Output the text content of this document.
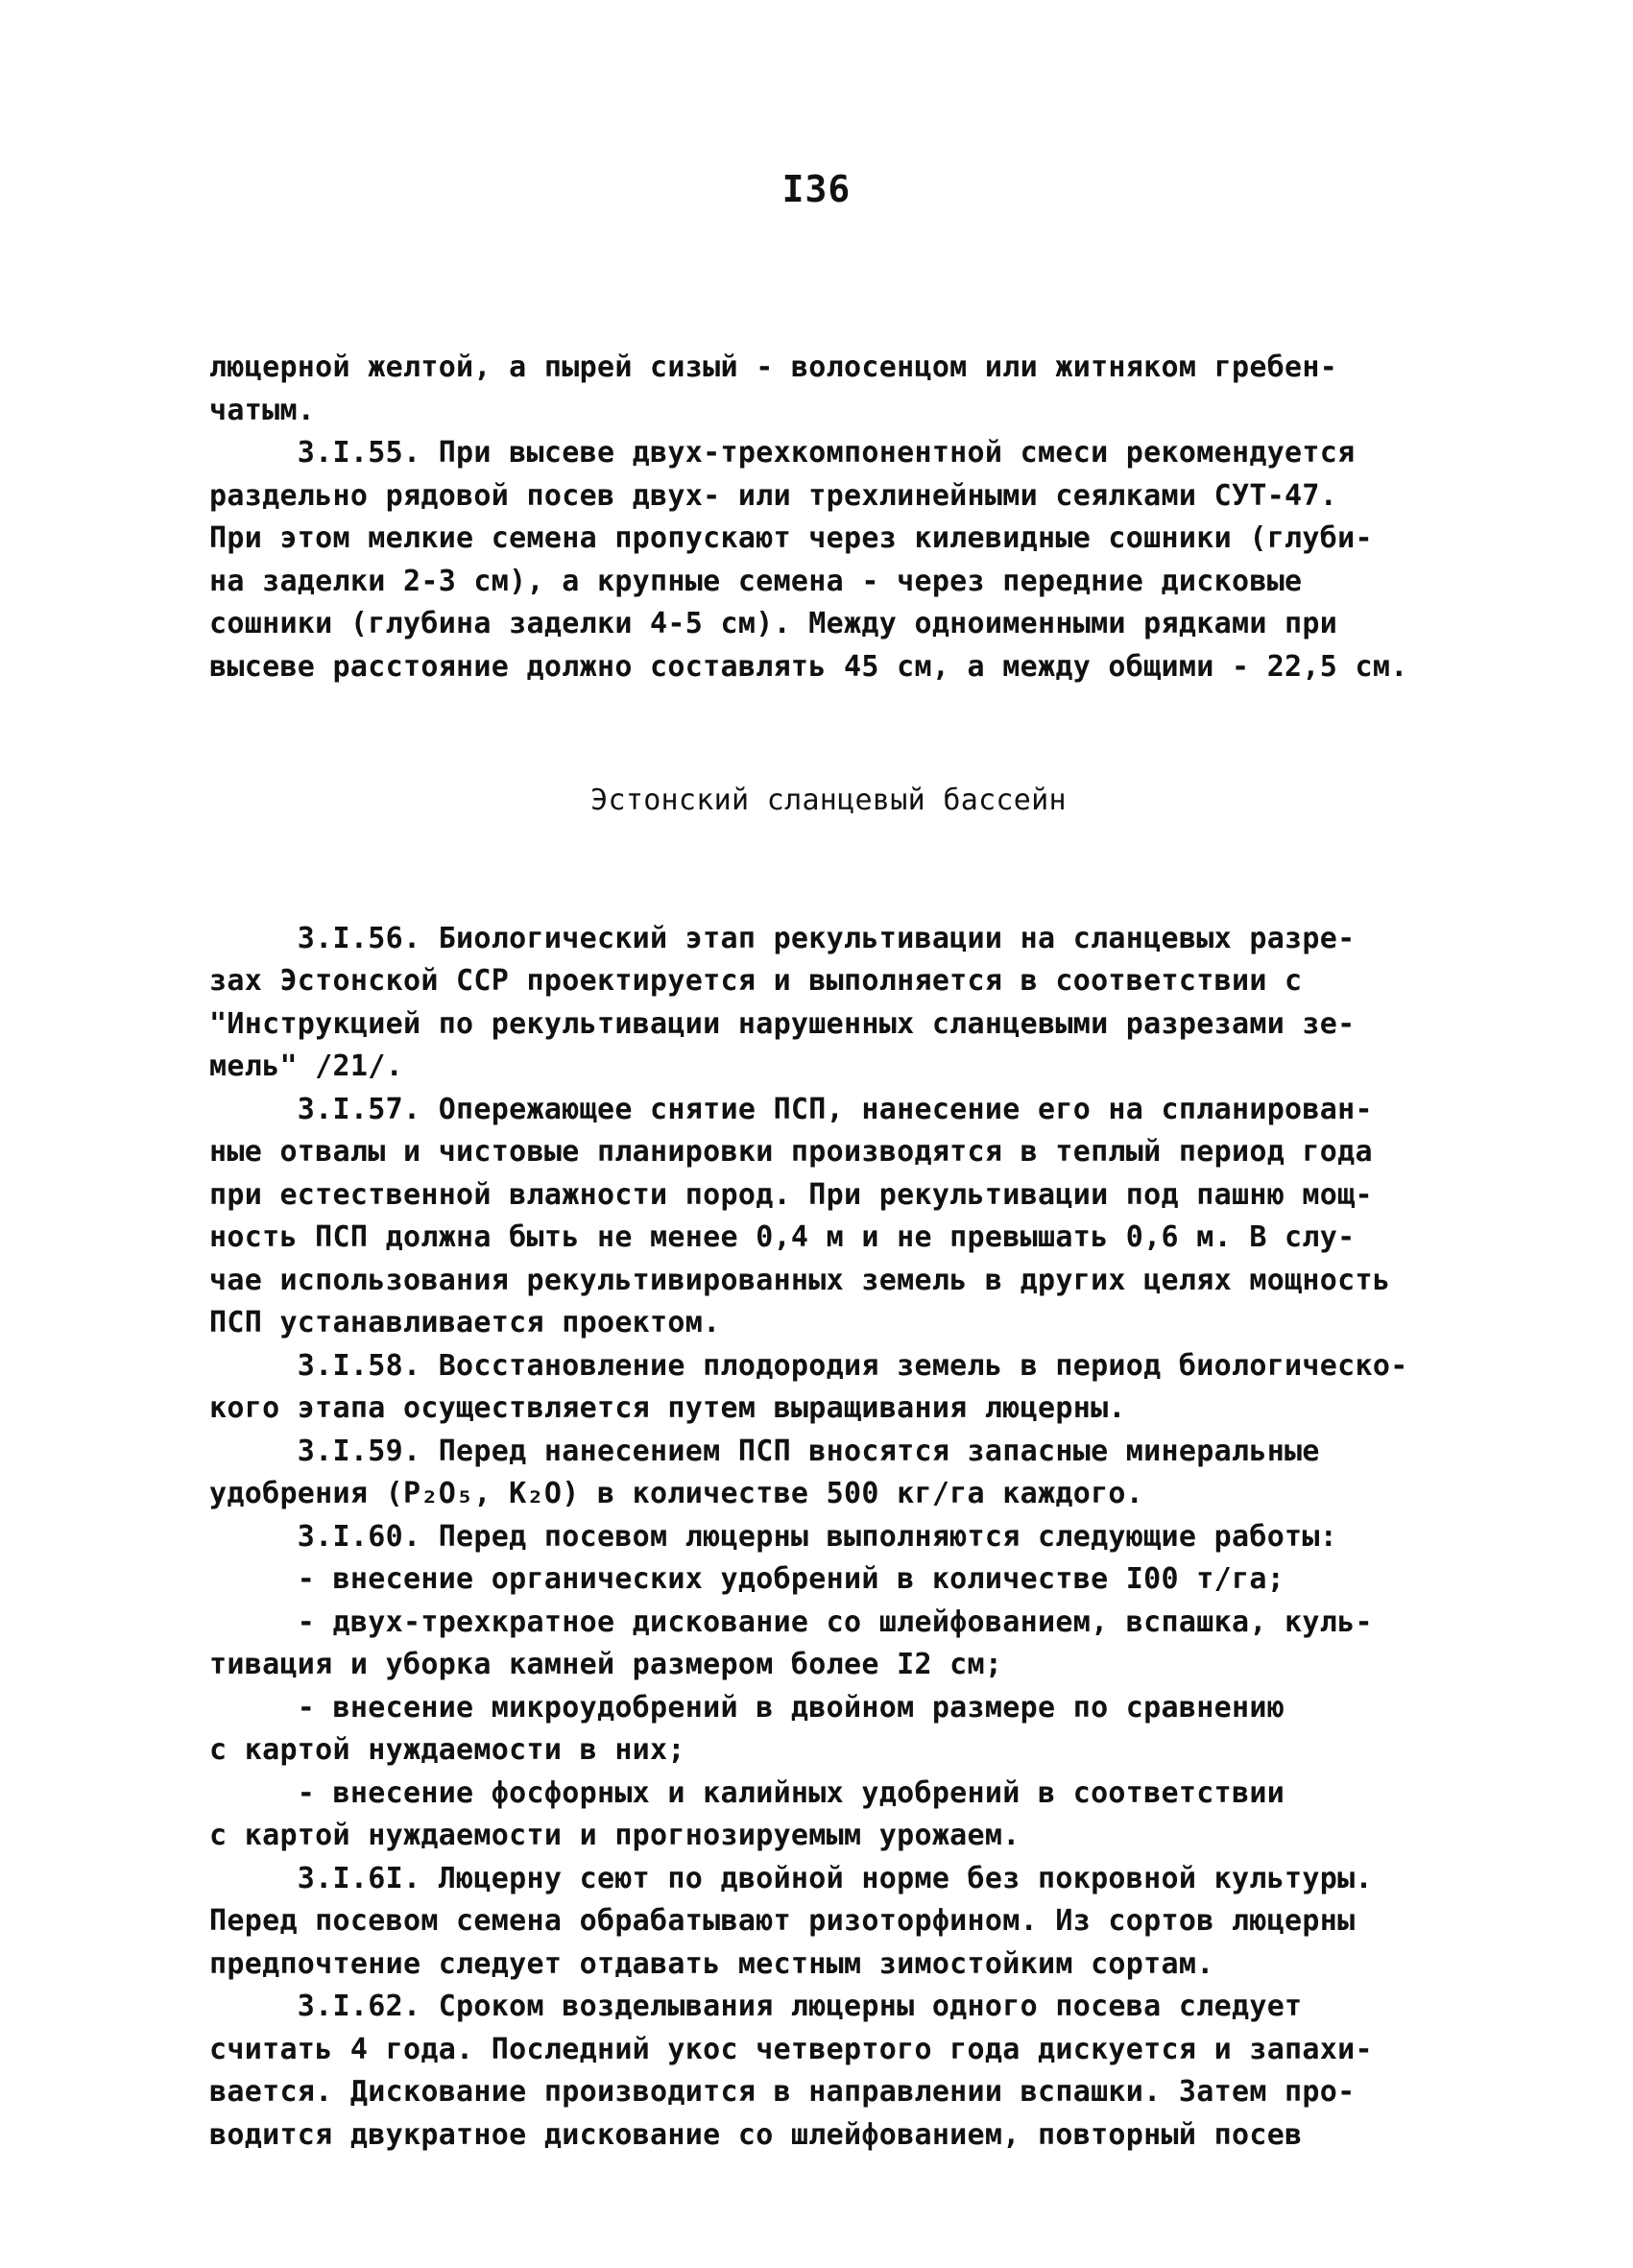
I36

люцерной желтой, а пырей сизый - волосенцом или житняком гребен-
чатым.
3.I.55. При высеве двух-трехкомпонентной смеси рекомендуется
раздельно рядовой посев двух- или трехлинейными сеялками СУТ-47.
При этом мелкие семена пропускают через килевидные сошники (глуби-
на заделки 2-3 см), а крупные семена - через передние дисковые
сошники (глубина заделки 4-5 см). Между одноименными рядками при
высеве расстояние должно составлять 45 см, а между общими - 22,5 см.

Эстонский сланцевый бассейн

3.I.56. Биологический этап рекультивации на сланцевых разре-
зах Эстонской ССР проектируется и выполняется в соответствии с
"Инструкцией по рекультивации нарушенных сланцевыми разрезами зе-
мель" /21/.
3.I.57. Опережающее снятие ПСП, нанесение его на спланирован-
ные отвалы и чистовые планировки производятся в теплый период года
при естественной влажности пород. При рекультивации под пашню мощ-
ность ПСП должна быть не менее 0,4 м и не превышать 0,6 м. В слу-
чае использования рекультивированных земель в других целях мощность
ПСП устанавливается проектом.
3.I.58. Восстановление плодородия земель в период биологическо-
кого этапа осуществляется путем выращивания люцерны.
3.I.59. Перед нанесением ПСП вносятся запасные минеральные
удобрения (P₂O₅, K₂O) в количестве 500 кг/га каждого.
3.I.60. Перед посевом люцерны выполняются следующие работы:
- внесение органических удобрений в количестве I00 т/га;
- двух-трехкратное дискование со шлейфованием, вспашка, куль-
тивация и уборка камней размером более I2 см;
- внесение микроудобрений в двойном размере по сравнению
с картой нуждаемости в них;
- внесение фосфорных и калийных удобрений в соответствии
с картой нуждаемости и прогнозируемым урожаем.
3.I.6I. Люцерну сеют по двойной норме без покровной культуры.
Перед посевом семена обрабатывают ризоторфином. Из сортов люцерны
предпочтение следует отдавать местным зимостойким сортам.
3.I.62. Сроком возделывания люцерны одного посева следует
считать 4 года. Последний укос четвертого года дискуется и запахи-
вается. Дискование производится в направлении вспашки. Затем про-
водится двукратное дискование со шлейфованием, повторный посев
